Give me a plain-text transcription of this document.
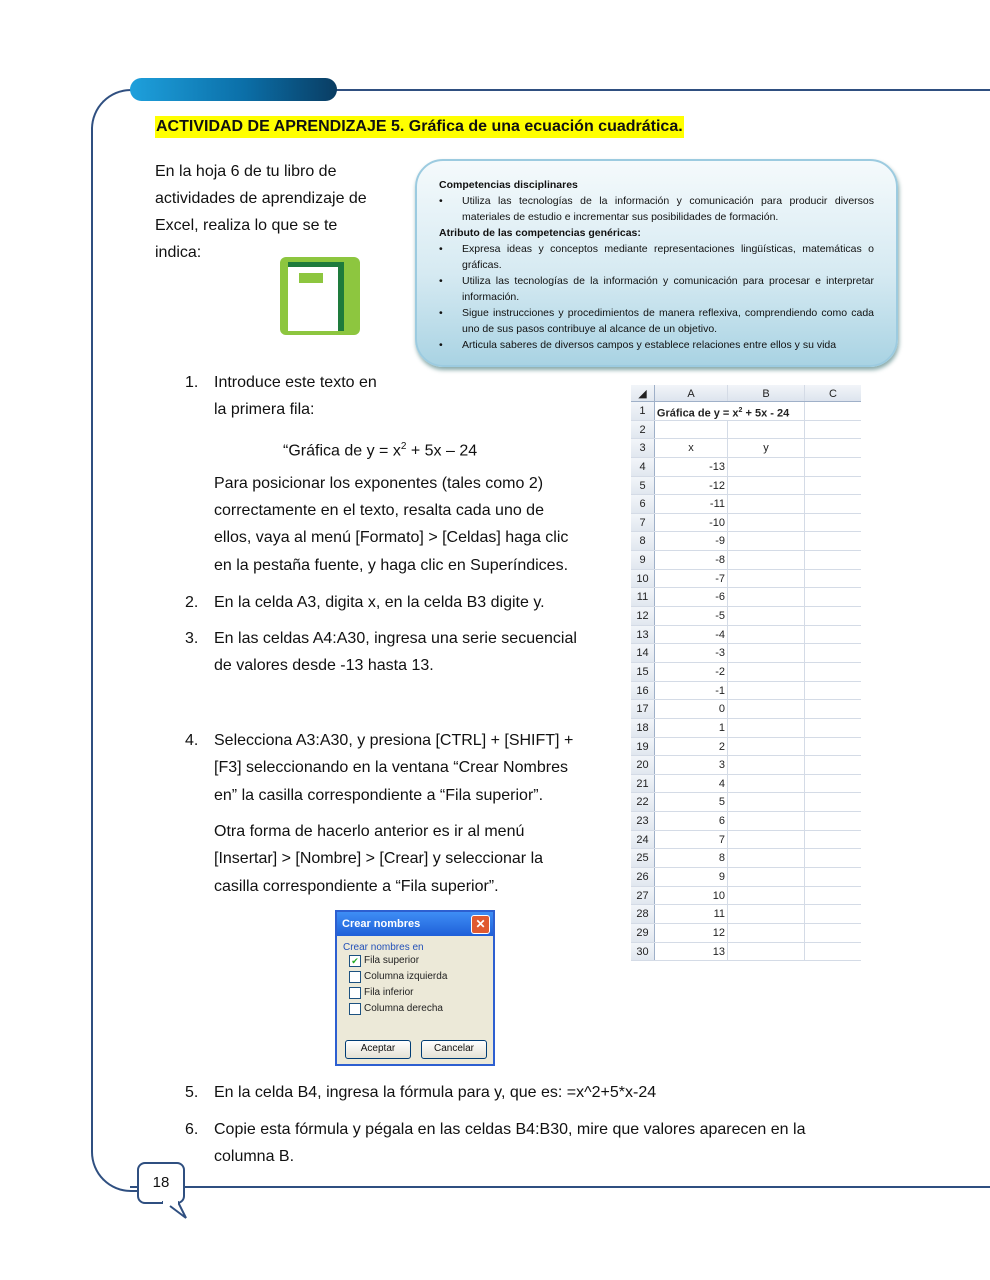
ACTIVIDAD DE APRENDIZAJE 5. Gráfica de una ecuación cuadrática.
En la hoja 6 de tu libro de
actividades de aprendizaje de
Excel, realiza lo que se te
indica:
Competencias disciplinares
• Utiliza las tecnologías de la información y comunicación para producir diversos materiales de estudio e incrementar sus posibilidades de formación.
Atributo de las competencias genéricas:
• Expresa ideas y conceptos mediante representaciones lingüísticas, matemáticas o gráficas.
• Utiliza las tecnologías de la información y comunicación para procesar e interpretar información.
• Sigue instrucciones y procedimientos de manera reflexiva, comprendiendo como cada uno de sus pasos contribuye al alcance de un objetivo.
• Articula saberes de diversos campos y establece relaciones entre ellos y su vida
1. Introduce este texto en
la primera fila:
“Gráfica de $y = x^2 + 5x - 24$
Para posicionar los exponentes (tales como 2)
correctamente en el texto, resalta cada uno de
ellos, vaya al menú [Formato] > [Celdas] haga clic
en la pestaña fuente, y haga clic en Superíndices.
2. En la celda A3, digita x, en la celda B3 digite y.
3. En las celdas A4:A30, ingresa una serie secuencial
de valores desde -13 hasta 13.
4. Selecciona A3:A30, y presiona [CTRL] + [SHIFT] +
[F3] seleccionando en la ventana “Crear Nombres
en” la casilla correspondiente a “Fila superior”.
Otra forma de hacerlo anterior es ir al menú
[Insertar] > [Nombre] > [Crear] y seleccionar la
casilla correspondiente a “Fila superior”.
◢	A	B	C
1	Gráfica de $y = x^2 + 5x - 24$
2
3	x	y
4	-13
5	-12
6	-11
7	-10
8	-9
9	-8
10	-7
11	-6
12	-5
13	-4
14	-3
15	-2
16	-1
17	0
18	1
19	2
20	3
21	4
22	5
23	6
24	7
25	8
26	9
27	10
28	11
29	12
30	13
Crear nombres	✕
Crear nombres en
✔ Fila superior
Columna izquierda
Fila inferior
Columna derecha
Aceptar	Cancelar
5. En la celda B4, ingresa la fórmula para y, que es: =x^2+5*x-24
6. Copie esta fórmula y pégala en las celdas B4:B30, mire que valores aparecen en la
columna B.
18
